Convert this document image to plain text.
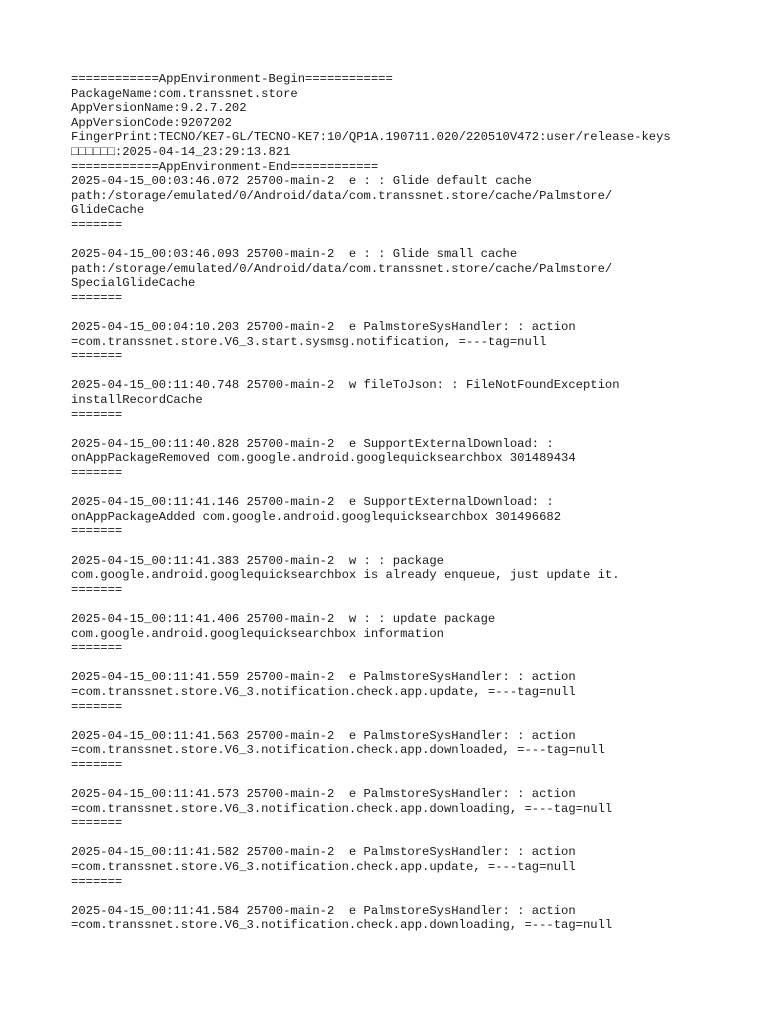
============AppEnvironment-Begin============
PackageName:com.transsnet.store
AppVersionName:9.2.7.202
AppVersionCode:9207202
FingerPrint:TECNO/KE7-GL/TECNO-KE7:10/QP1A.190711.020/220510V472:user/release-keys
□□□□□□:2025-04-14_23:29:13.821
============AppEnvironment-End============
2025-04-15_00:03:46.072 25700-main-2  e : : Glide default cache
path:/storage/emulated/0/Android/data/com.transsnet.store/cache/Palmstore/
GlideCache
=======
2025-04-15_00:03:46.093 25700-main-2  e : : Glide small cache
path:/storage/emulated/0/Android/data/com.transsnet.store/cache/Palmstore/
SpecialGlideCache
=======
2025-04-15_00:04:10.203 25700-main-2  e PalmstoreSysHandler: : action
=com.transsnet.store.V6_3.start.sysmsg.notification, =---tag=null
=======
2025-04-15_00:11:40.748 25700-main-2  w fileToJson: : FileNotFoundException
installRecordCache
=======
2025-04-15_00:11:40.828 25700-main-2  e SupportExternalDownload: :
onAppPackageRemoved com.google.android.googlequicksearchbox 301489434
=======
2025-04-15_00:11:41.146 25700-main-2  e SupportExternalDownload: :
onAppPackageAdded com.google.android.googlequicksearchbox 301496682
=======
2025-04-15_00:11:41.383 25700-main-2  w : : package
com.google.android.googlequicksearchbox is already enqueue, just update it.
=======
2025-04-15_00:11:41.406 25700-main-2  w : : update package
com.google.android.googlequicksearchbox information
=======
2025-04-15_00:11:41.559 25700-main-2  e PalmstoreSysHandler: : action
=com.transsnet.store.V6_3.notification.check.app.update, =---tag=null
=======
2025-04-15_00:11:41.563 25700-main-2  e PalmstoreSysHandler: : action
=com.transsnet.store.V6_3.notification.check.app.downloaded, =---tag=null
=======
2025-04-15_00:11:41.573 25700-main-2  e PalmstoreSysHandler: : action
=com.transsnet.store.V6_3.notification.check.app.downloading, =---tag=null
=======
2025-04-15_00:11:41.582 25700-main-2  e PalmstoreSysHandler: : action
=com.transsnet.store.V6_3.notification.check.app.update, =---tag=null
=======
2025-04-15_00:11:41.584 25700-main-2  e PalmstoreSysHandler: : action
=com.transsnet.store.V6_3.notification.check.app.downloading, =---tag=null
